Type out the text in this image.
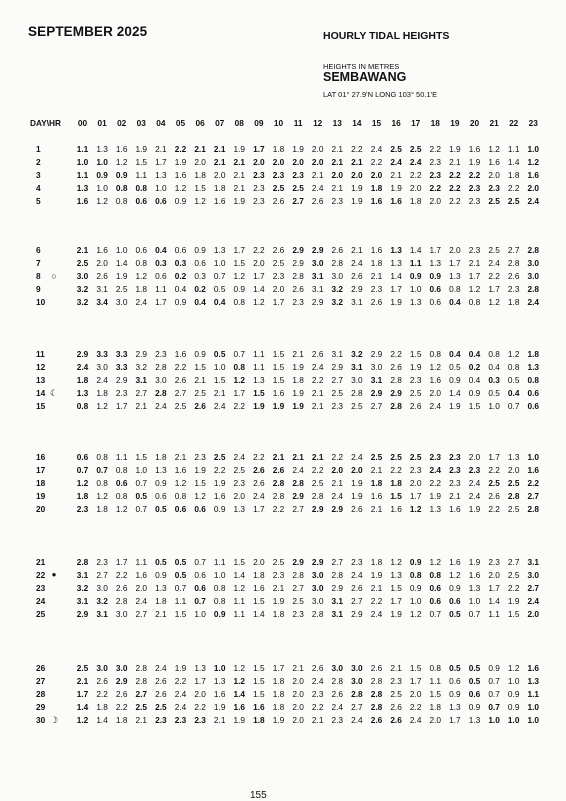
SEPTEMBER 2025	HOURLY TIDAL HEIGHTS
HEIGHTS IN METRES
SEMBAWANG
LAT 01° 27.9'N LONG 103° 50.1'E
DAY\HR	00	01	02	03	04	05	06	07	08	09	10	11	12	13	14	15	16	17	18	19	20	21	22	23
1	1.1 1.3 1.6 1.9 2.1 2.2 2.1 2.1 1.9 1.7 1.8 1.9 2.0 2.1 2.2 2.4 2.5 2.5 2.2 1.9 1.6 1.2 1.1 1.0
2	1.0 1.0 1.2 1.5 1.7 1.9 2.0 2.1 2.1 2.0 2.0 2.0 2.0 2.1 2.1 2.2 2.4 2.4 2.3 2.1 1.9 1.6 1.4 1.2
3	1.1 0.9 0.9 1.1 1.3 1.6 1.8 2.0 2.1 2.3 2.3 2.3 2.1 2.0 2.0 2.0 2.1 2.2 2.3 2.2 2.2 2.0 1.8 1.6
4	1.3 1.0 0.8 0.8 1.0 1.2 1.5 1.8 2.1 2.3 2.5 2.5 2.4 2.1 1.9 1.8 1.9 2.0 2.2 2.2 2.3 2.3 2.2 2.0
5	1.6 1.2 0.8 0.6 0.6 0.9 1.2 1.6 1.9 2.3 2.6 2.7 2.6 2.3 1.9 1.6 1.6 1.8 2.0 2.2 2.3 2.5 2.5 2.4
6	2.1 1.6 1.0 0.6 0.4 0.6 0.9 1.3 1.7 2.2 2.6 2.9 2.9 2.6 2.1 1.6 1.3 1.4 1.7 2.0 2.3 2.5 2.7 2.8
7	2.5 2.0 1.4 0.8 0.3 0.3 0.6 1.0 1.5 2.0 2.5 2.9 3.0 2.8 2.4 1.8 1.3 1.1 1.3 1.7 2.1 2.4 2.8 3.0
8	○	3.0 2.6 1.9 1.2 0.6 0.2 0.3 0.7 1.2 1.7 2.3 2.8 3.1 3.0 2.6 2.1 1.4 0.9 0.9 1.3 1.7 2.2 2.6 3.0
9	3.2 3.1 2.5 1.8 1.1 0.4 0.2 0.5 0.9 1.4 2.0 2.6 3.1 3.2 2.9 2.3 1.7 1.0 0.6 0.8 1.2 1.7 2.3 2.8
10	3.2 3.4 3.0 2.4 1.7 0.9 0.4 0.4 0.8 1.2 1.7 2.3 2.9 3.2 3.1 2.6 1.9 1.3 0.6 0.4 0.8 1.2 1.8 2.4
11	2.9 3.3 3.3 2.9 2.3 1.6 0.9 0.5 0.7 1.1 1.5 2.1 2.6 3.1 3.2 2.9 2.2 1.5 0.8 0.4 0.4 0.8 1.2 1.8
12	2.4 3.0 3.3 3.2 2.8 2.2 1.5 1.0 0.8 1.1 1.5 1.9 2.4 2.9 3.1 3.0 2.6 1.9 1.2 0.5 0.2 0.4 0.8 1.3
13	1.8 2.4 2.9 3.1 3.0 2.6 2.1 1.5 1.2 1.3 1.5 1.8 2.2 2.7 3.0 3.1 2.8 2.3 1.6 0.9 0.4 0.3 0.5 0.8
14 ☾	1.3 1.8 2.3 2.7 2.8 2.7 2.5 2.1 1.7 1.5 1.6 1.9 2.1 2.5 2.8 2.9 2.9 2.5 2.0 1.4 0.9 0.5 0.4 0.6
15	0.8 1.2 1.7 2.1 2.4 2.5 2.6 2.4 2.2 1.9 1.9 1.9 2.1 2.3 2.5 2.7 2.8 2.6 2.4 1.9 1.5 1.0 0.7 0.6
16	0.6 0.8 1.1 1.5 1.8 2.1 2.3 2.5 2.4 2.2 2.1 2.1 2.1 2.2 2.4 2.5 2.5 2.5 2.3 2.3 2.0 1.7 1.3 1.0
17	0.7 0.7 0.8 1.0 1.3 1.6 1.9 2.2 2.5 2.6 2.6 2.4 2.2 2.0 2.0 2.1 2.2 2.3 2.4 2.3 2.3 2.2 2.0 1.6
18	1.2 0.8 0.6 0.7 0.9 1.2 1.5 1.9 2.3 2.6 2.8 2.8 2.5 2.1 1.9 1.8 1.8 2.0 2.2 2.3 2.4 2.5 2.5 2.2
19	1.8 1.2 0.8 0.5 0.6 0.8 1.2 1.6 2.0 2.4 2.8 2.9 2.8 2.4 1.9 1.6 1.5 1.7 1.9 2.1 2.4 2.6 2.8 2.7
20	2.3 1.8 1.2 0.7 0.5 0.6 0.6 0.9 1.3 1.7 2.2 2.7 2.9 2.9 2.6 2.1 1.6 1.2 1.3 1.6 1.9 2.2 2.5 2.8
21	2.8 2.3 1.7 1.1 0.5 0.5 0.7 1.1 1.5 2.0 2.5 2.9 2.9 2.7 2.3 1.8 1.2 0.9 1.2 1.6 1.9 2.3 2.7 3.1
22 ●	3.1 2.7 2.2 1.6 0.9 0.5 0.6 1.0 1.4 1.8 2.3 2.8 3.0 2.8 2.4 1.9 1.3 0.8 0.8 1.2 1.6 2.0 2.5 3.0
23	3.2 3.0 2.6 2.0 1.3 0.7 0.6 0.8 1.2 1.6 2.1 2.7 3.0 2.9 2.6 2.1 1.5 0.9 0.6 0.9 1.3 1.7 2.2 2.7
24	3.1 3.2 2.8 2.4 1.8 1.1 0.7 0.8 1.1 1.5 1.9 2.5 3.0 3.1 2.7 2.2 1.7 1.0 0.6 0.6 1.0 1.4 1.9 2.4
25	2.9 3.1 3.0 2.7 2.1 1.5 1.0 0.9 1.1 1.4 1.8 2.3 2.8 3.1 2.9 2.4 1.9 1.2 0.7 0.5 0.7 1.1 1.5 2.0
26	2.5 3.0 3.0 2.8 2.4 1.9 1.3 1.0 1.2 1.5 1.7 2.1 2.6 3.0 3.0 2.6 2.1 1.5 0.8 0.5 0.5 0.9 1.2 1.6
27	2.1 2.6 2.9 2.8 2.6 2.2 1.7 1.3 1.2 1.5 1.8 2.0 2.4 2.8 3.0 2.8 2.3 1.7 1.1 0.6 0.5 0.7 1.0 1.3
28	1.7 2.2 2.6 2.7 2.6 2.4 2.0 1.6 1.4 1.5 1.8 2.0 2.3 2.6 2.8 2.8 2.5 2.0 1.5 0.9 0.6 0.7 0.9 1.1
29	1.4 1.8 2.2 2.5 2.5 2.4 2.2 1.9 1.6 1.6 1.8 2.0 2.2 2.4 2.7 2.8 2.6 2.2 1.8 1.3 0.9 0.7 0.9 1.0
30 ☽	1.2 1.4 1.8 2.1 2.3 2.3 2.3 2.1 1.9 1.8 1.9 2.0 2.1 2.3 2.4 2.6 2.6 2.4 2.0 1.7 1.3 1.0 1.0 1.0
155
